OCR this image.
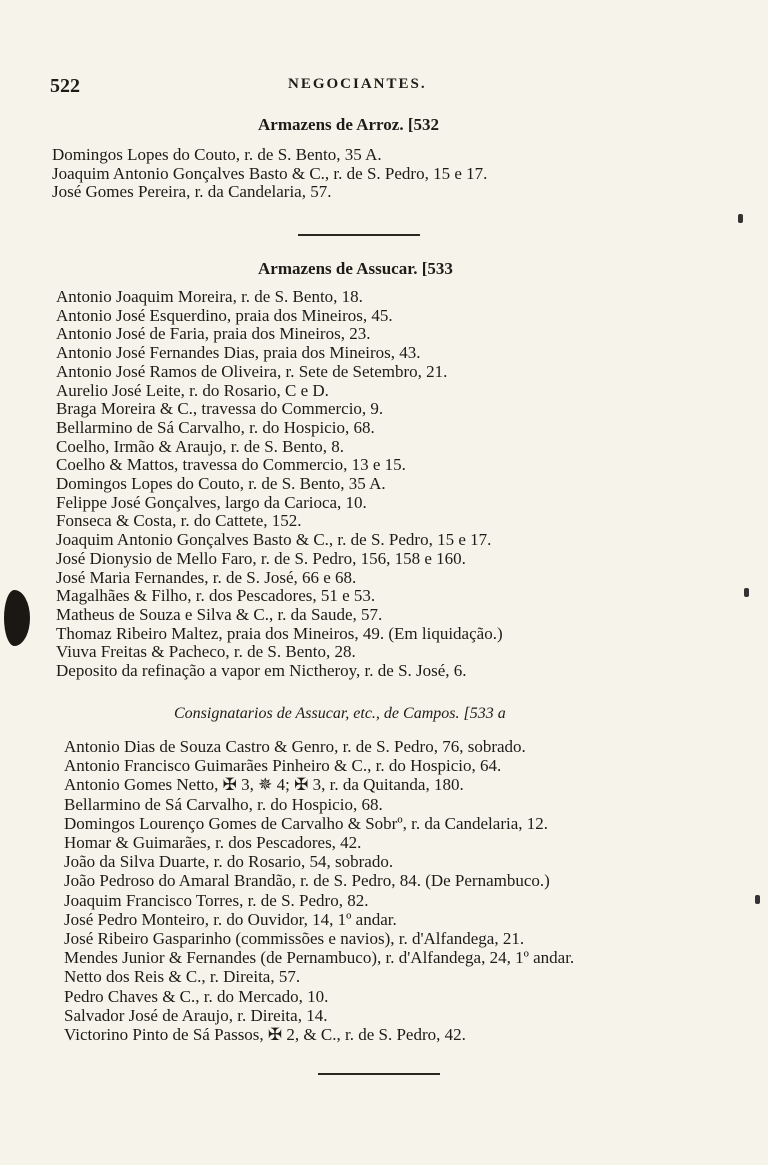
522	NEGOCIANTES.
Armazens de Arroz. [532
Domingos Lopes do Couto, r. de S. Bento, 35 A.
Joaquim Antonio Gonçalves Basto & C., r. de S. Pedro, 15 e 17.
José Gomes Pereira, r. da Candelaria, 57.
Armazens de Assucar. [533
Antonio Joaquim Moreira, r. de S. Bento, 18.
Antonio José Esquerdino, praia dos Mineiros, 45.
Antonio José de Faria, praia dos Mineiros, 23.
Antonio José Fernandes Dias, praia dos Mineiros, 43.
Antonio José Ramos de Oliveira, r. Sete de Setembro, 21.
Aurelio José Leite, r. do Rosario, C e D.
Braga Moreira & C., travessa do Commercio, 9.
Bellarmino de Sá Carvalho, r. do Hospicio, 68.
Coelho, Irmão & Araujo, r. de S. Bento, 8.
Coelho & Mattos, travessa do Commercio, 13 e 15.
Domingos Lopes do Couto, r. de S. Bento, 35 A.
Felippe José Gonçalves, largo da Carioca, 10.
Fonseca & Costa, r. do Cattete, 152.
Joaquim Antonio Gonçalves Basto & C., r. de S. Pedro, 15 e 17.
José Dionysio de Mello Faro, r. de S. Pedro, 156, 158 e 160.
José Maria Fernandes, r. de S. José, 66 e 68.
Magalhães & Filho, r. dos Pescadores, 51 e 53.
Matheus de Souza e Silva & C., r. da Saude, 57.
Thomaz Ribeiro Maltez, praia dos Mineiros, 49. (Em liquidação.)
Viuva Freitas & Pacheco, r. de S. Bento, 28.
Deposito da refinação a vapor em Nictheroy, r. de S. José, 6.
Consignatarios de Assucar, etc., de Campos. [533 a
Antonio Dias de Souza Castro & Genro, r. de S. Pedro, 76, sobrado.
Antonio Francisco Guimarães Pinheiro & C., r. do Hospicio, 64.
Antonio Gomes Netto, ✠ 3, ✵ 4; ✠ 3, r. da Quitanda, 180.
Bellarmino de Sá Carvalho, r. do Hospicio, 68.
Domingos Lourenço Gomes de Carvalho & Sobrº, r. da Candelaria, 12.
Homar & Guimarães, r. dos Pescadores, 42.
João da Silva Duarte, r. do Rosario, 54, sobrado.
João Pedroso do Amaral Brandão, r. de S. Pedro, 84. (De Pernambuco.)
Joaquim Francisco Torres, r. de S. Pedro, 82.
José Pedro Monteiro, r. do Ouvidor, 14, 1º andar.
José Ribeiro Gasparinho (commissões e navios), r. d'Alfandega, 21.
Mendes Junior & Fernandes (de Pernambuco), r. d'Alfandega, 24, 1º andar.
Netto dos Reis & C., r. Direita, 57.
Pedro Chaves & C., r. do Mercado, 10.
Salvador José de Araujo, r. Direita, 14.
Victorino Pinto de Sá Passos, ✠ 2, & C., r. de S. Pedro, 42.
